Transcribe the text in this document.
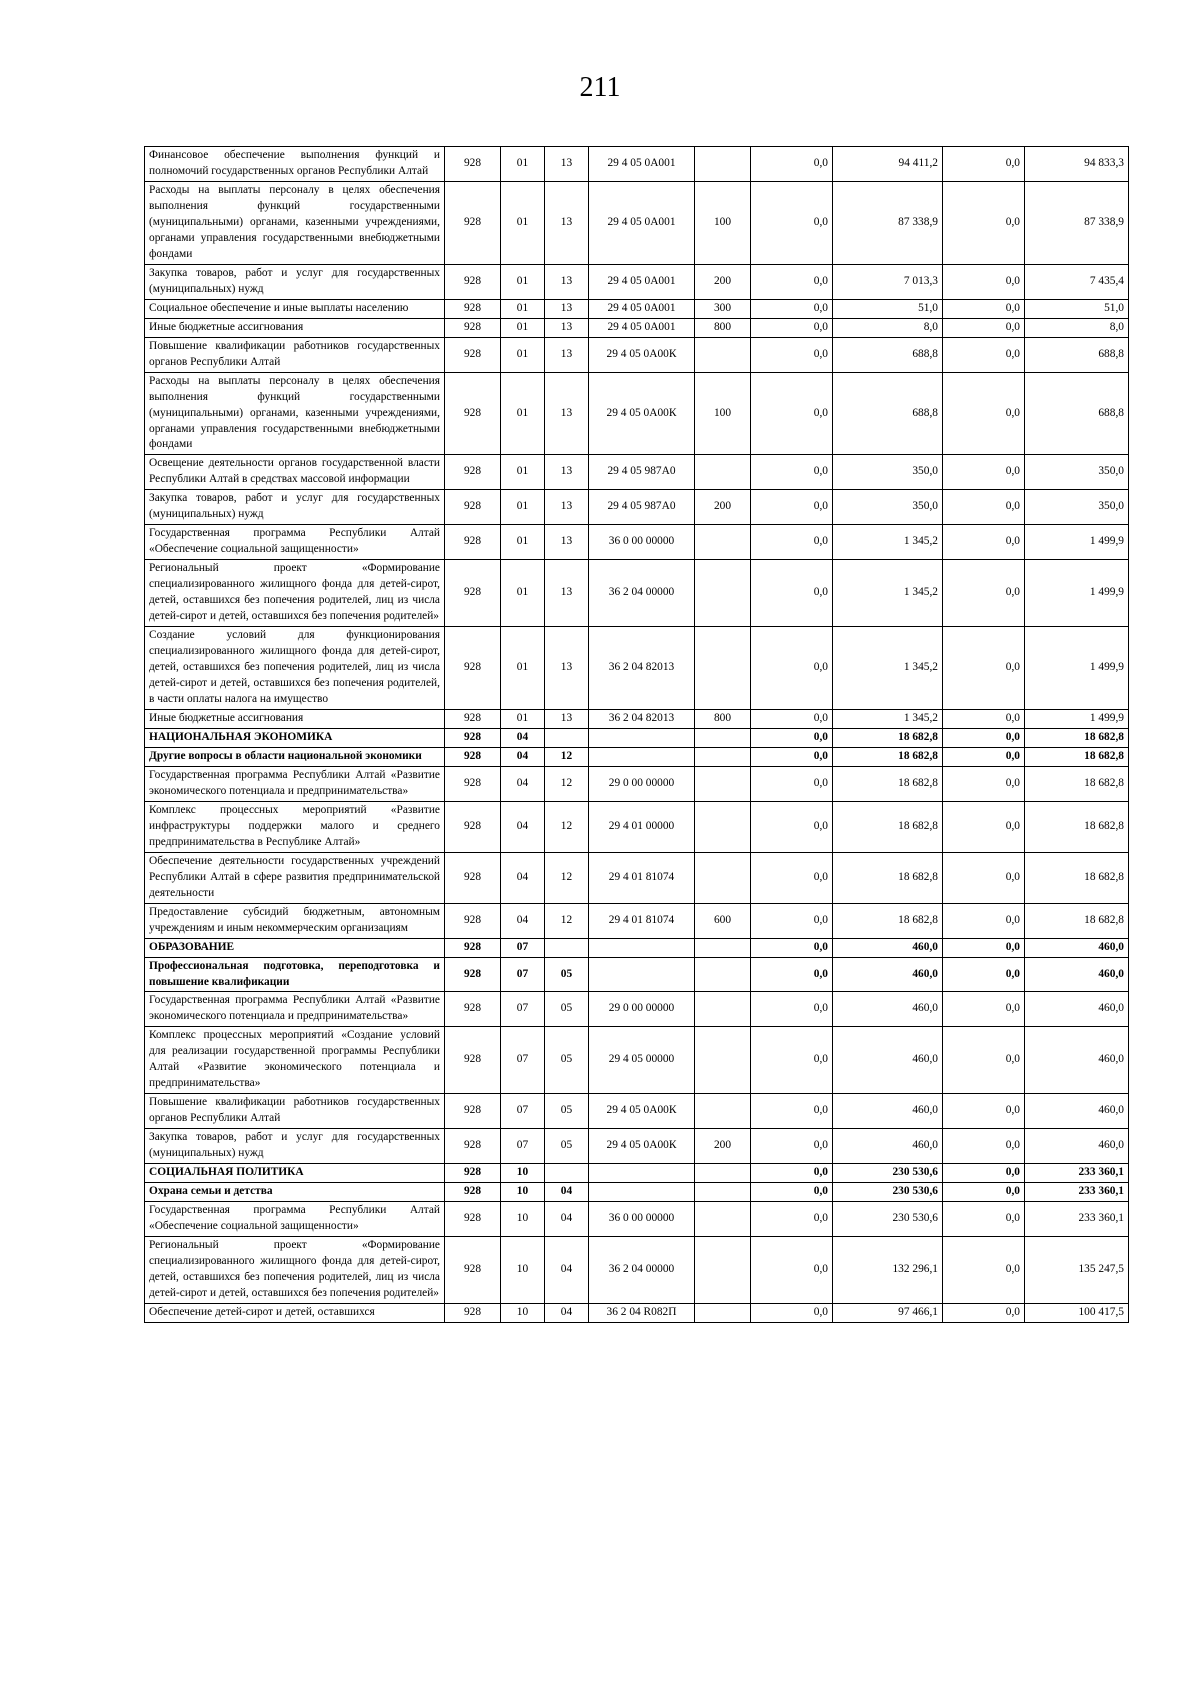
211
Финансовое обеспечение выполнения функций и полномочий государственных органов Республики Алтай	928	01	13	29 4 05 0А001		0,0	94 411,2	0,0	94 833,3
Расходы на выплаты персоналу в целях обеспечения выполнения функций государственными (муниципальными) органами, казенными учреждениями, органами управления государственными внебюджетными фондами	928	01	13	29 4 05 0А001	100	0,0	87 338,9	0,0	87 338,9
Закупка товаров, работ и услуг для государственных (муниципальных) нужд	928	01	13	29 4 05 0А001	200	0,0	7 013,3	0,0	7 435,4
Социальное обеспечение и иные выплаты населению	928	01	13	29 4 05 0А001	300	0,0	51,0	0,0	51,0
Иные бюджетные ассигнования	928	01	13	29 4 05 0А001	800	0,0	8,0	0,0	8,0
Повышение квалификации работников государственных органов Республики Алтай	928	01	13	29 4 05 0А00К		0,0	688,8	0,0	688,8
Расходы на выплаты персоналу в целях обеспечения выполнения функций государственными (муниципальными) органами, казенными учреждениями, органами управления государственными внебюджетными фондами	928	01	13	29 4 05 0А00К	100	0,0	688,8	0,0	688,8
Освещение деятельности органов государственной власти Республики Алтай в средствах массовой информации	928	01	13	29 4 05 987А0		0,0	350,0	0,0	350,0
Закупка товаров, работ и услуг для государственных (муниципальных) нужд	928	01	13	29 4 05 987А0	200	0,0	350,0	0,0	350,0
Государственная программа Республики Алтай «Обеспечение социальной защищенности»	928	01	13	36 0 00 00000		0,0	1 345,2	0,0	1 499,9
Региональный проект «Формирование специализированного жилищного фонда для детей-сирот, детей, оставшихся без попечения родителей, лиц из числа детей-сирот и детей, оставшихся без попечения родителей»	928	01	13	36 2 04 00000		0,0	1 345,2	0,0	1 499,9
Создание условий для функционирования специализированного жилищного фонда для детей-сирот, детей, оставшихся без попечения родителей, лиц из числа детей-сирот и детей, оставшихся без попечения родителей, в части оплаты налога на имущество	928	01	13	36 2 04 82013		0,0	1 345,2	0,0	1 499,9
Иные бюджетные ассигнования	928	01	13	36 2 04 82013	800	0,0	1 345,2	0,0	1 499,9
НАЦИОНАЛЬНАЯ ЭКОНОМИКА	928	04				0,0	18 682,8	0,0	18 682,8
Другие вопросы в области национальной экономики	928	04	12			0,0	18 682,8	0,0	18 682,8
Государственная программа Республики Алтай «Развитие экономического потенциала и предпринимательства»	928	04	12	29 0 00 00000		0,0	18 682,8	0,0	18 682,8
Комплекс процессных мероприятий «Развитие инфраструктуры поддержки малого и среднего предпринимательства в Республике Алтай»	928	04	12	29 4 01 00000		0,0	18 682,8	0,0	18 682,8
Обеспечение деятельности государственных учреждений Республики Алтай в сфере развития предпринимательской деятельности	928	04	12	29 4 01 81074		0,0	18 682,8	0,0	18 682,8
Предоставление субсидий бюджетным, автономным учреждениям и иным некоммерческим организациям	928	04	12	29 4 01 81074	600	0,0	18 682,8	0,0	18 682,8
ОБРАЗОВАНИЕ	928	07				0,0	460,0	0,0	460,0
Профессиональная подготовка, переподготовка и повышение квалификации	928	07	05			0,0	460,0	0,0	460,0
Государственная программа Республики Алтай «Развитие экономического потенциала и предпринимательства»	928	07	05	29 0 00 00000		0,0	460,0	0,0	460,0
Комплекс процессных мероприятий «Создание условий для реализации государственной программы Республики Алтай «Развитие экономического потенциала и предпринимательства»	928	07	05	29 4 05 00000		0,0	460,0	0,0	460,0
Повышение квалификации работников государственных органов Республики Алтай	928	07	05	29 4 05 0А00К		0,0	460,0	0,0	460,0
Закупка товаров, работ и услуг для государственных (муниципальных) нужд	928	07	05	29 4 05 0А00К	200	0,0	460,0	0,0	460,0
СОЦИАЛЬНАЯ ПОЛИТИКА	928	10				0,0	230 530,6	0,0	233 360,1
Охрана семьи и детства	928	10	04			0,0	230 530,6	0,0	233 360,1
Государственная программа Республики Алтай «Обеспечение социальной защищенности»	928	10	04	36 0 00 00000		0,0	230 530,6	0,0	233 360,1
Региональный проект «Формирование специализированного жилищного фонда для детей-сирот, детей, оставшихся без попечения родителей, лиц из числа детей-сирот и детей, оставшихся без попечения родителей»	928	10	04	36 2 04 00000		0,0	132 296,1	0,0	135 247,5
Обеспечение детей-сирот и детей, оставшихся	928	10	04	36 2 04 R082П		0,0	97 466,1	0,0	100 417,5
